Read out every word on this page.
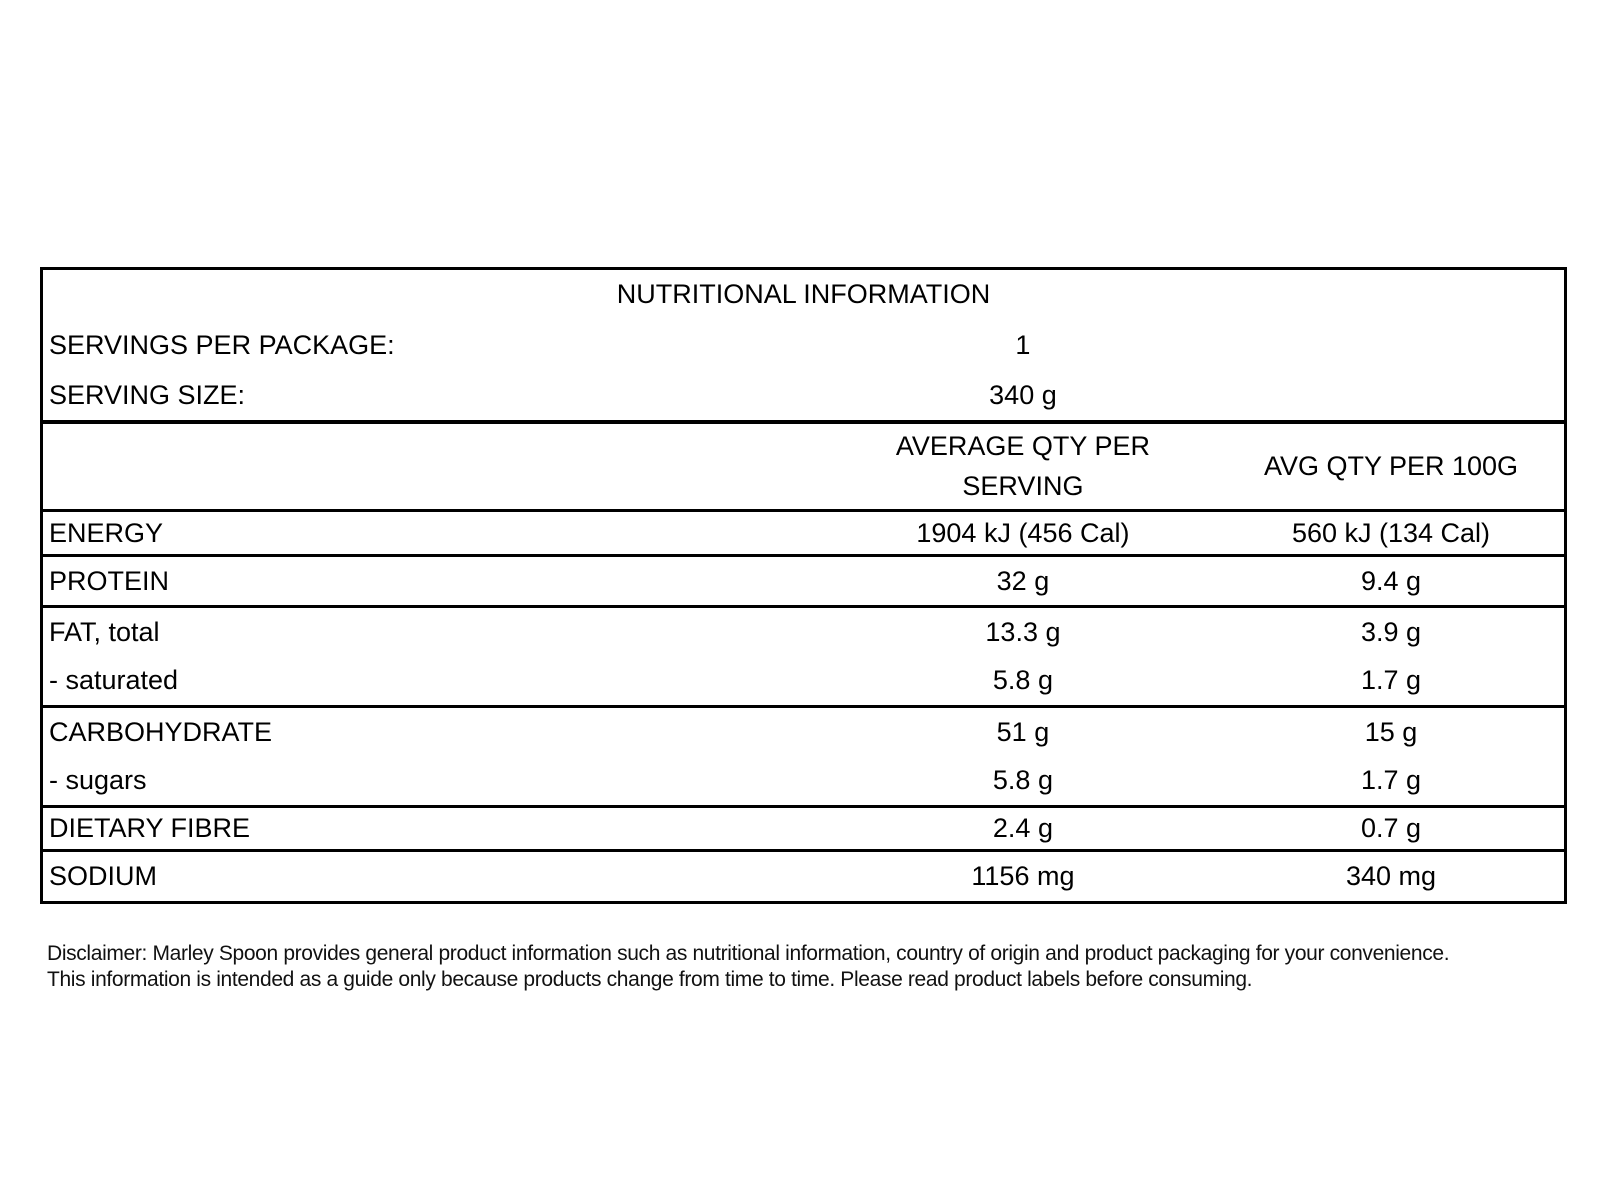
NUTRITIONAL INFORMATION		
SERVINGS PER PACKAGE:	1	
SERVING SIZE:	340 g	
	AVERAGE QTY PER SERVING	AVG QTY PER 100G
ENERGY	1904 kJ (456 Cal)	560 kJ (134 Cal)
PROTEIN	32 g	9.4 g
FAT, total	13.3 g	3.9 g
- saturated	5.8 g	1.7 g
CARBOHYDRATE	51 g	15 g
- sugars	5.8 g	1.7 g
DIETARY FIBRE	2.4 g	0.7 g
SODIUM	1156 mg	340 mg
Disclaimer: Marley Spoon provides general product information such as nutritional information, country of origin and product packaging for your convenience.
This information is intended as a guide only because products change from time to time. Please read product labels before consuming.
